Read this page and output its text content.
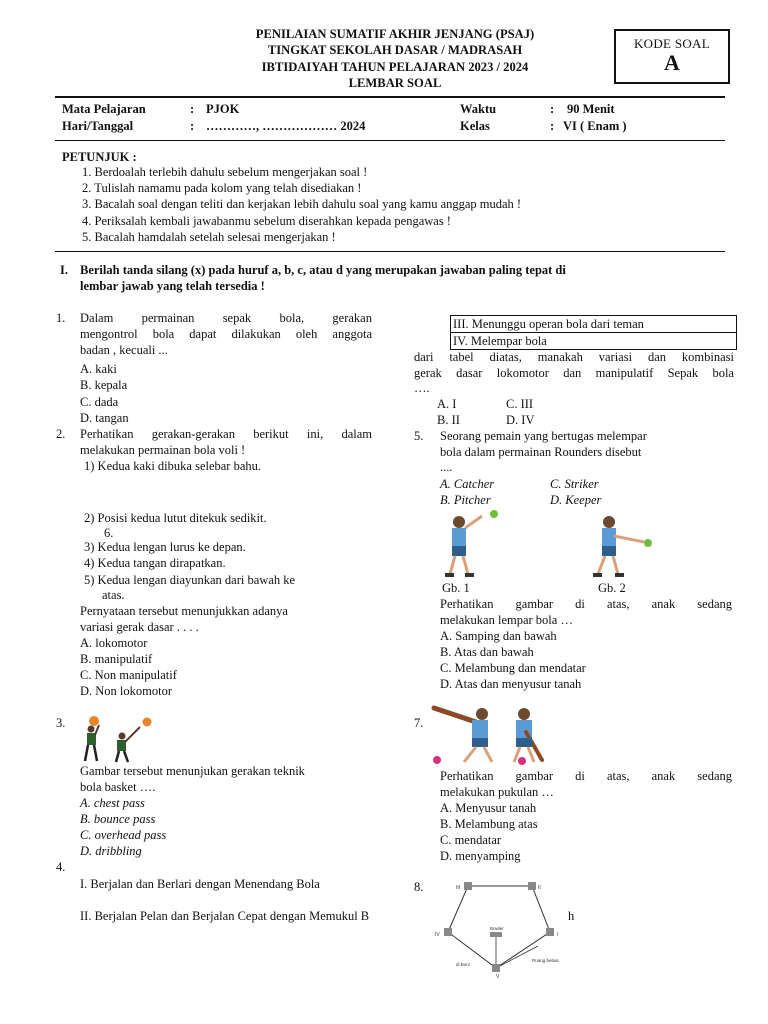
PENILAIAN SUMATIF AKHIR JENJANG (PSAJ)
TINGKAT SEKOLAH DASAR / MADRASAH
IBTIDAIYAH TAHUN PELAJARAN 2023 / 2024
LEMBAR SOAL
KODE SOAL
A
Mata Pelajaran	: PJOK	Waktu	: 90 Menit
Hari/Tanggal	: …………, ……………… 2024	Kelas	: VI ( Enam )
PETUNJUK :
1. Berdoalah terlebih dahulu sebelum mengerjakan soal !
2. Tulislah namamu pada kolom yang telah disediakan !
3. Bacalah soal dengan teliti dan kerjakan lebih dahulu soal yang kamu anggap mudah !
4. Periksalah kembali jawabanmu sebelum diserahkan kepada pengawas !
5. Bacalah hamdalah setelah selesai mengerjakan !
I. Berilah tanda silang (x) pada huruf a, b, c, atau d yang merupakan jawaban paling tepat di
lembar jawab yang telah tersedia !
1. Dalam permainan sepak bola, gerakan
mengontrol bola dapat dilakukan oleh anggota
badan , kecuali ...
A. kaki
B. kepala
C. dada
D. tangan
2. Perhatikan gerakan-gerakan berikut ini, dalam
melakukan permainan bola voli !
1) Kedua kaki dibuka selebar bahu.
2) Posisi kedua lutut ditekuk sedikit.
6.
3) Kedua lengan lurus ke depan.
4) Kedua tangan dirapatkan.
5) Kedua lengan diayunkan dari bawah ke
atas.
Pernyataan tersebut menunjukkan adanya
variasi gerak dasar . . . .
A. lokomotor
B. manipulatif
C. Non manipulatif
D. Non lokomotor
3.
Gambar tersebut menunjukan gerakan teknik
bola basket ….
A. chest pass
B. bounce pass
C. overhead pass
D. dribbling
4.
I. Berjalan dan Berlari dengan Menendang Bola
II. Berjalan Pelan dan Berjalan Cepat dengan Memukul B	h
III. Menunggu operan bola dari teman
IV. Melempar bola
dari tabel diatas, manakah variasi dan kombinasi
gerak dasar lokomotor dan manipulatif Sepak bola
….
A. I	C. III
B. II	D. IV
5. Seorang pemain yang bertugas melempar
bola dalam permainan Rounders disebut
....
A. Catcher	C. Striker
B. Pitcher	D. Keeper
Gb. 1	Gb. 2
Perhatikan gambar di atas, anak sedang
melakukan lempar bola …
A. Samping dan bawah
B. Atas dan bawah
C. Melambung dan mendatar
D. Atas dan menyusur tanah
7.
Perhatikan gambar di atas, anak sedang
melakukan pukulan …
A. Menyusur tanah
B. Melambung atas
C. mendatar
D. menyamping
8.	III	II
IV	I
V
Bowler
Ruang bebas
di Boni
